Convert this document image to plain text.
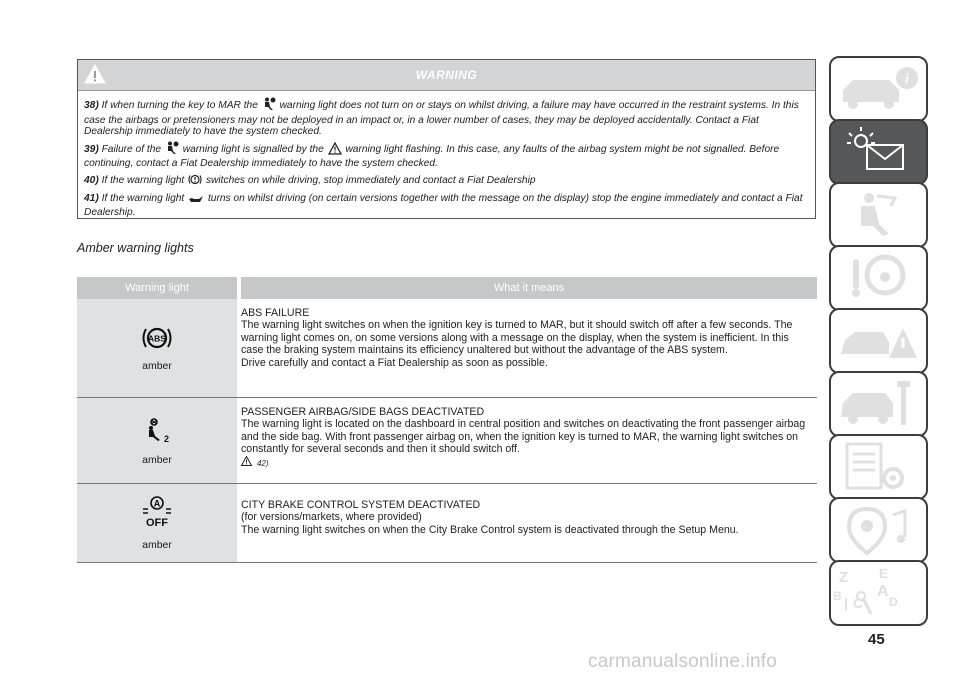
WARNING
38) If when turning the key to MAR the warning light does not turn on or stays on whilst driving, a failure may have occurred in the restraint systems. In this case the airbags or pretensioners may not be deployed in an impact or, in a lower number of cases, they may be deployed accidentally. Contact a Fiat Dealership immediately to have the system checked.
39) Failure of the warning light is signalled by the warning light flashing. In this case, any faults of the airbag system might be not signalled. Before continuing, contact a Fiat Dealership immediately to have the system checked.
40) If the warning light switches on while driving, stop immediately and contact a Fiat Dealership
41) If the warning light turns on whilst driving (on certain versions together with the message on the display) stop the engine immediately and contact a Fiat Dealership.
Amber warning lights
Warning light	What it means
ABS
amber
ABS FAILURE
The warning light switches on when the ignition key is turned to MAR, but it should switch off after a few seconds. The warning light comes on, on some versions along with a message on the display, when the system is inefficient. In this case the braking system maintains its efficiency unaltered but without the advantage of the ABS system.
Drive carefully and contact a Fiat Dealership as soon as possible.
2
amber
PASSENGER AIRBAG/SIDE BAGS DEACTIVATED
The warning light is located on the dashboard in central position and switches on deactivating the front passenger airbag and the side bag. With front passenger airbag on, when the ignition key is turned to MAR, the warning light switches on constantly for several seconds and then it should switch off.
42)
A
OFF
amber
CITY BRAKE CONTROL SYSTEM DEACTIVATED
(for versions/markets, where provided)
The warning light switches on when the City Brake Control system is deactivated through the Setup Menu.
i
Z E
A
B C D
45
carmanualsonline.info
